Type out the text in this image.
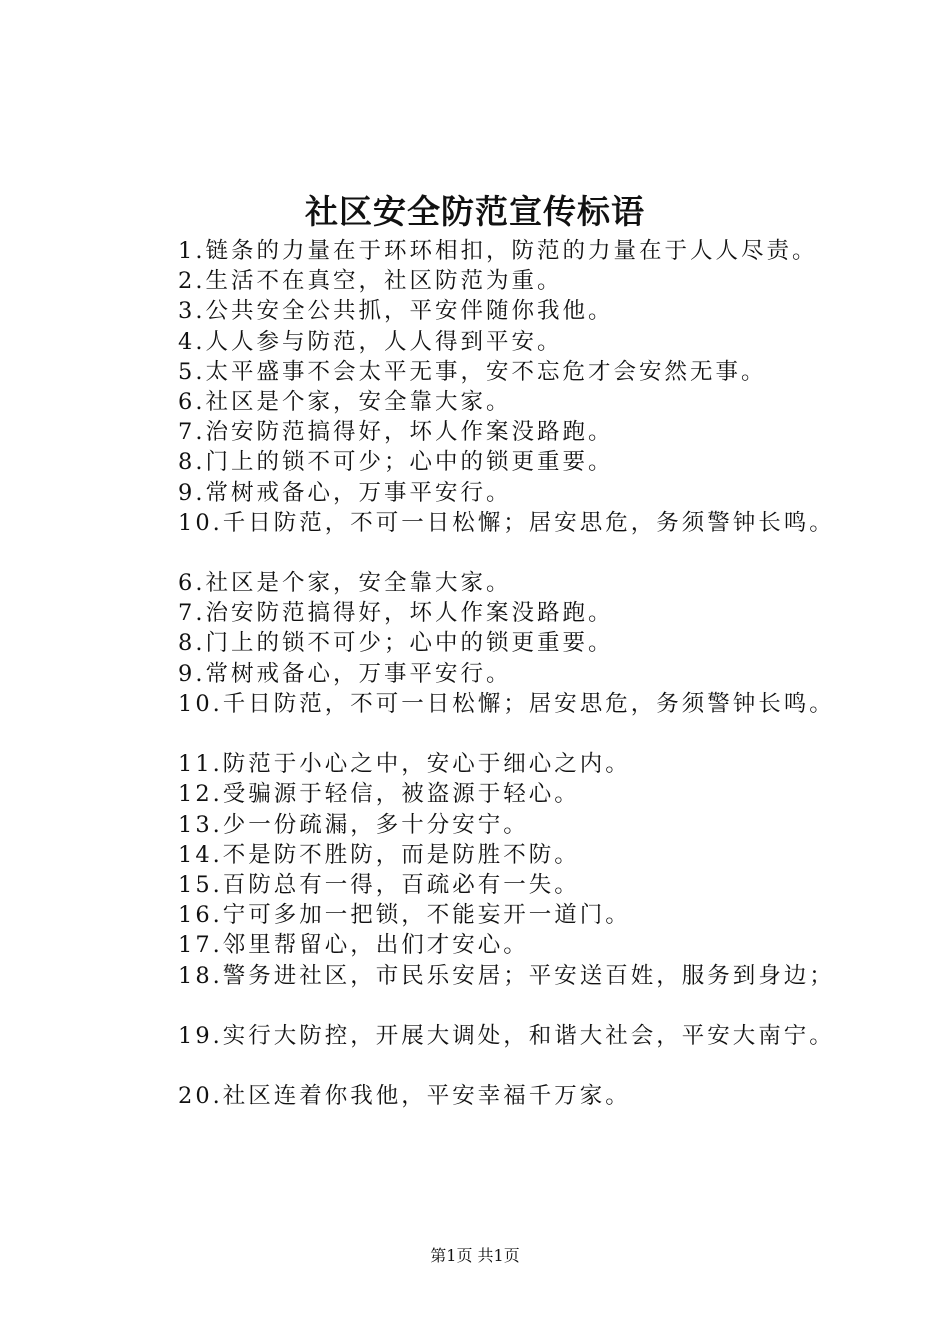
社区安全防范宣传标语
1.链条的力量在于环环相扣，防范的力量在于人人尽责。
2.生活不在真空，社区防范为重。
3.公共安全公共抓，平安伴随你我他。
4.人人参与防范，人人得到平安。
5.太平盛事不会太平无事，安不忘危才会安然无事。
6.社区是个家，安全靠大家。
7.治安防范搞得好，坏人作案没路跑。
8.门上的锁不可少；心中的锁更重要。
9.常树戒备心，万事平安行。
10.千日防范，不可一日松懈；居安思危，务须警钟长鸣。
6.社区是个家，安全靠大家。
7.治安防范搞得好，坏人作案没路跑。
8.门上的锁不可少；心中的锁更重要。
9.常树戒备心，万事平安行。
10.千日防范，不可一日松懈；居安思危，务须警钟长鸣。
11.防范于小心之中，安心于细心之内。
12.受骗源于轻信，被盗源于轻心。
13.少一份疏漏，多十分安宁。
14.不是防不胜防，而是防胜不防。
15.百防总有一得，百疏必有一失。
16.宁可多加一把锁，不能妄开一道门。
17.邻里帮留心，出们才安心。
18.警务进社区，市民乐安居；平安送百姓，服务到身边；
19.实行大防控，开展大调处，和谐大社会，平安大南宁。
20.社区连着你我他，平安幸福千万家。
第1页 共1页
